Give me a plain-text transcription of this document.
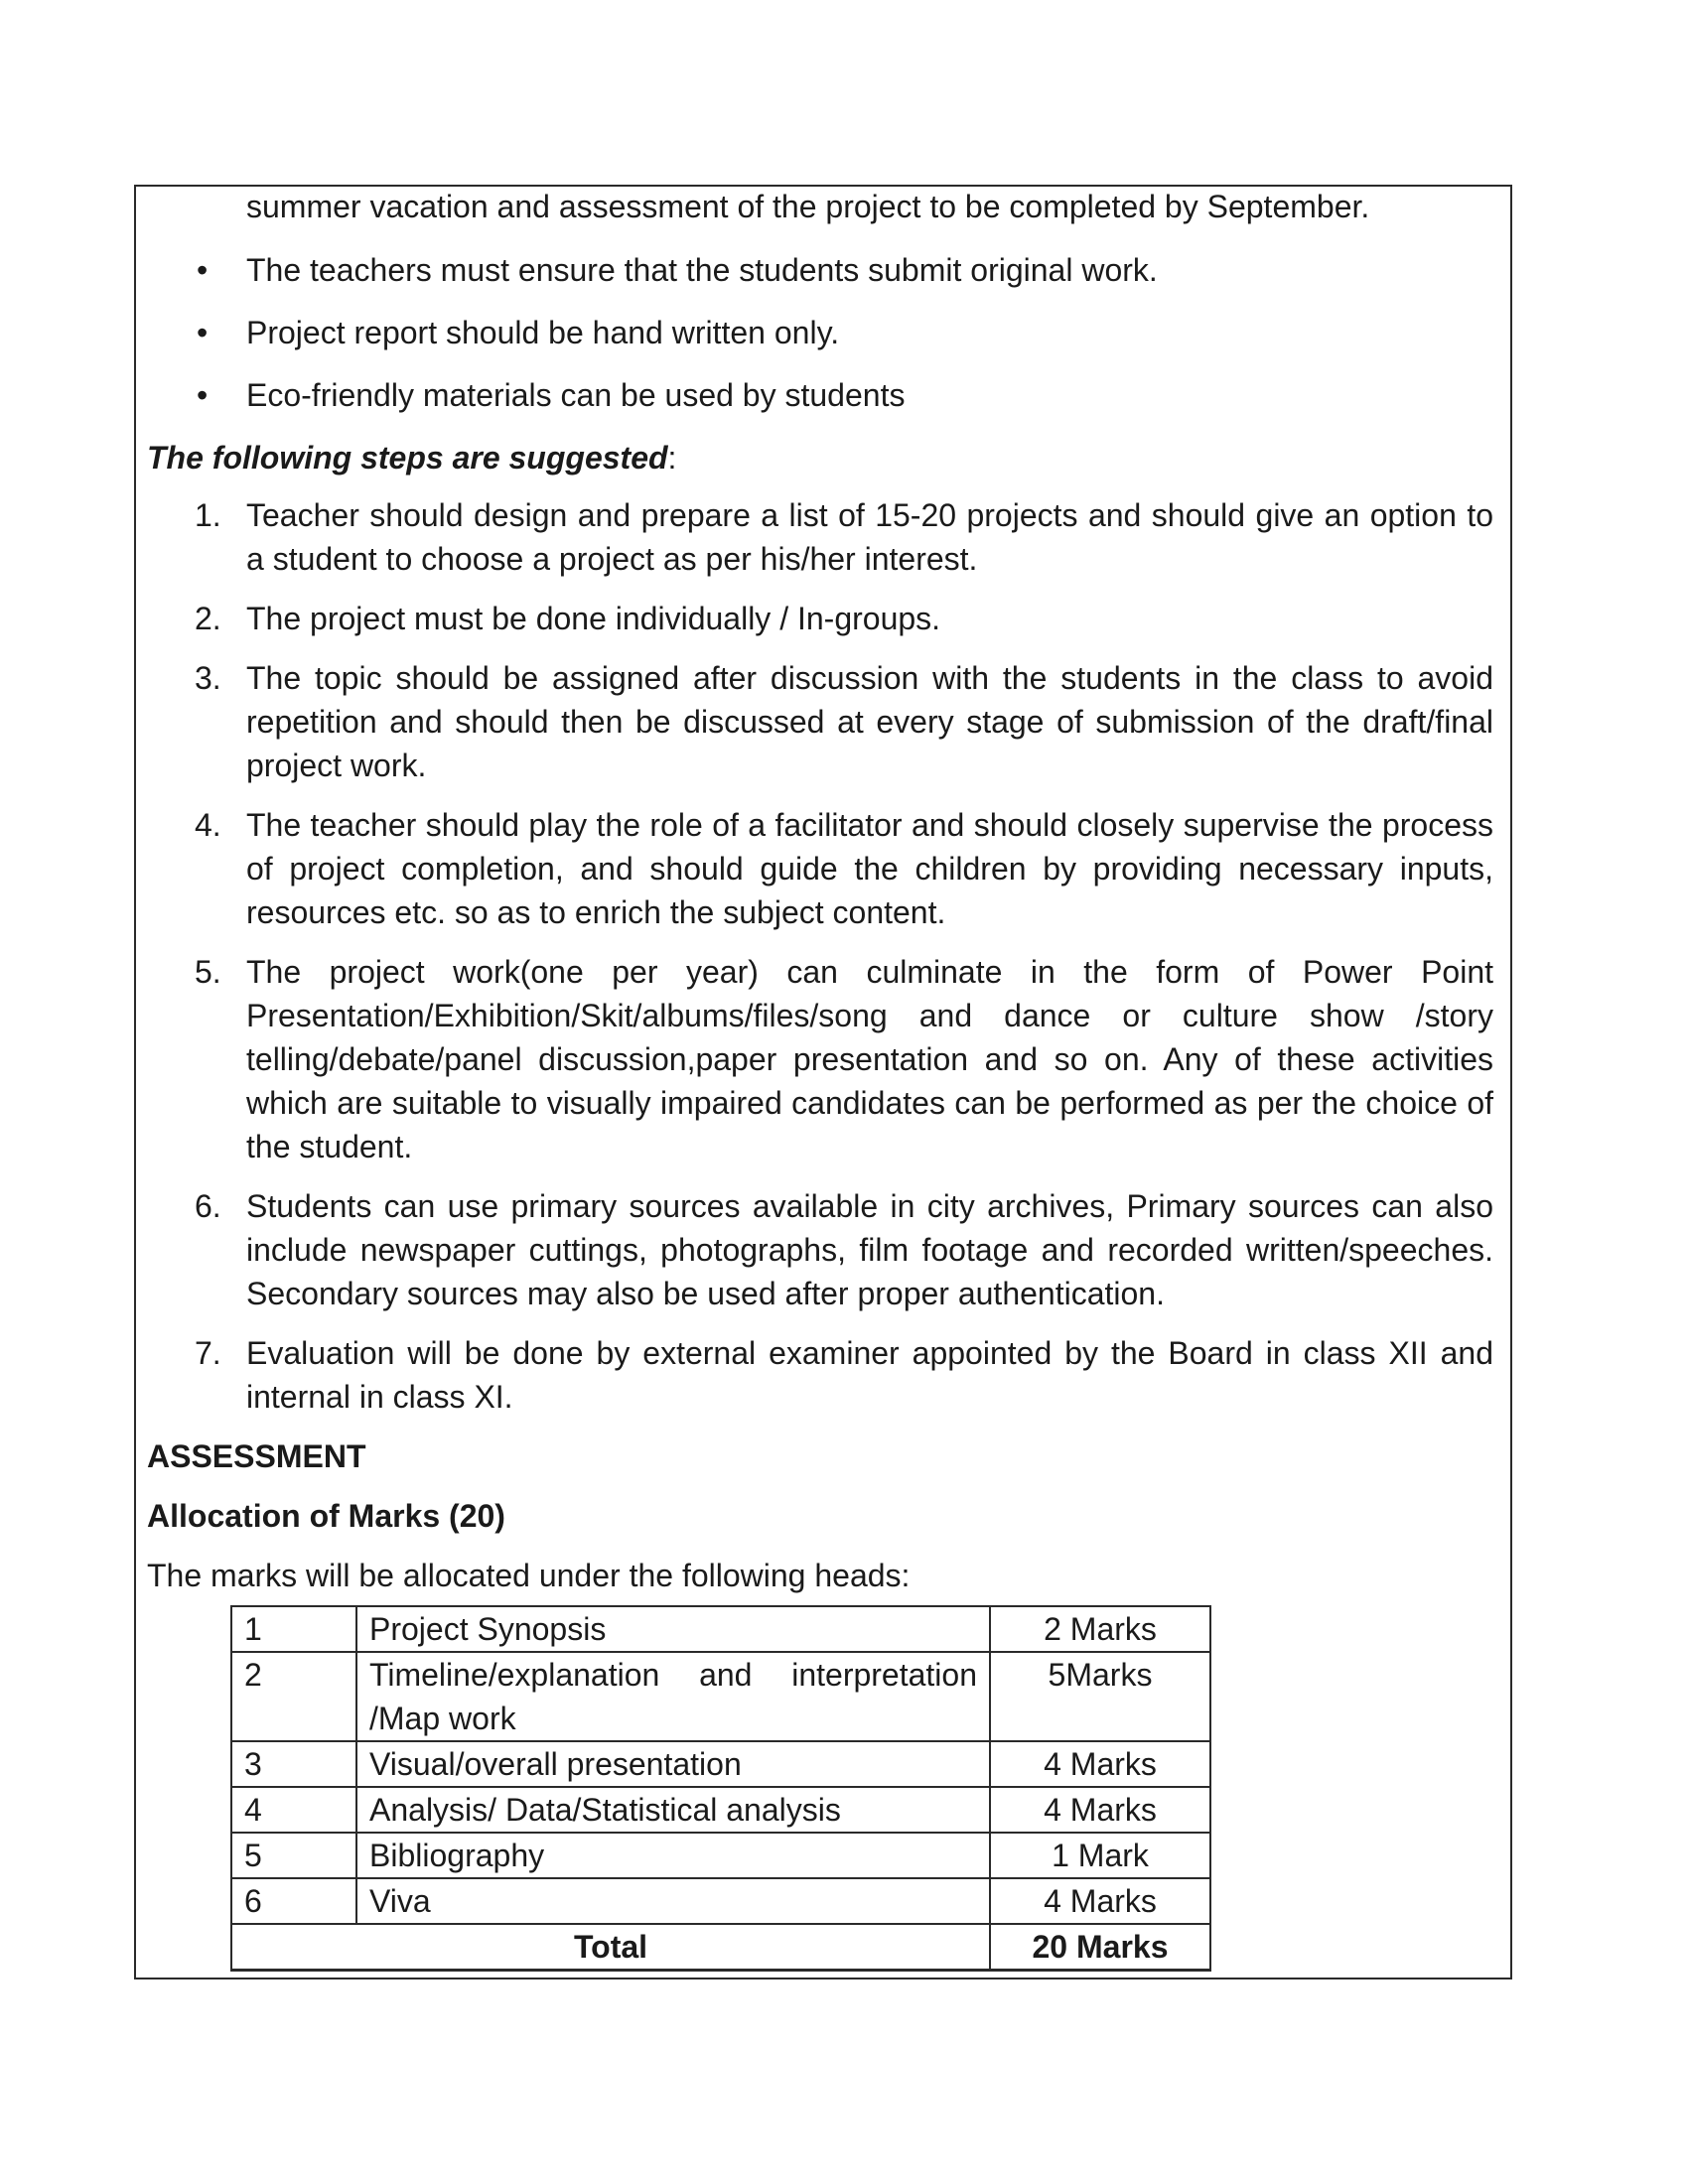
summer vacation and assessment of the project to be completed by September.

• The teachers must ensure that the students submit original work.
• Project report should be hand written only.
• Eco-friendly materials can be used by students

The following steps are suggested:

1. Teacher should design and prepare a list of 15-20 projects and should give an option to a student to choose a project as per his/her interest.
2. The project must be done individually / In-groups.
3. The topic should be assigned after discussion with the students in the class to avoid repetition and should then be discussed at every stage of submission of the draft/final project work.
4. The teacher should play the role of a facilitator and should closely supervise the process of project completion, and should guide the children by providing necessary inputs, resources etc. so as to enrich the subject content.
5. The project work(one per year) can culminate in the form of Power Point Presentation/Exhibition/Skit/albums/files/song and dance or culture show /story telling/debate/panel discussion,paper presentation and so on. Any of these activities which are suitable to visually impaired candidates can be performed as per the choice of the student.
6. Students can use primary sources available in city archives, Primary sources can also include newspaper cuttings, photographs, film footage and recorded written/speeches. Secondary sources may also be used after proper authentication.
7. Evaluation will be done by external examiner appointed by the Board in class XII and internal in class XI.

ASSESSMENT

Allocation of Marks (20)

The marks will be allocated under the following heads:

1	Project Synopsis	2 Marks
2	Timeline/explanation and interpretation /Map work	5Marks
3	Visual/overall presentation	4 Marks
4	Analysis/ Data/Statistical analysis	4 Marks
5	Bibliography	1 Mark
6	Viva	4 Marks
Total		20 Marks
